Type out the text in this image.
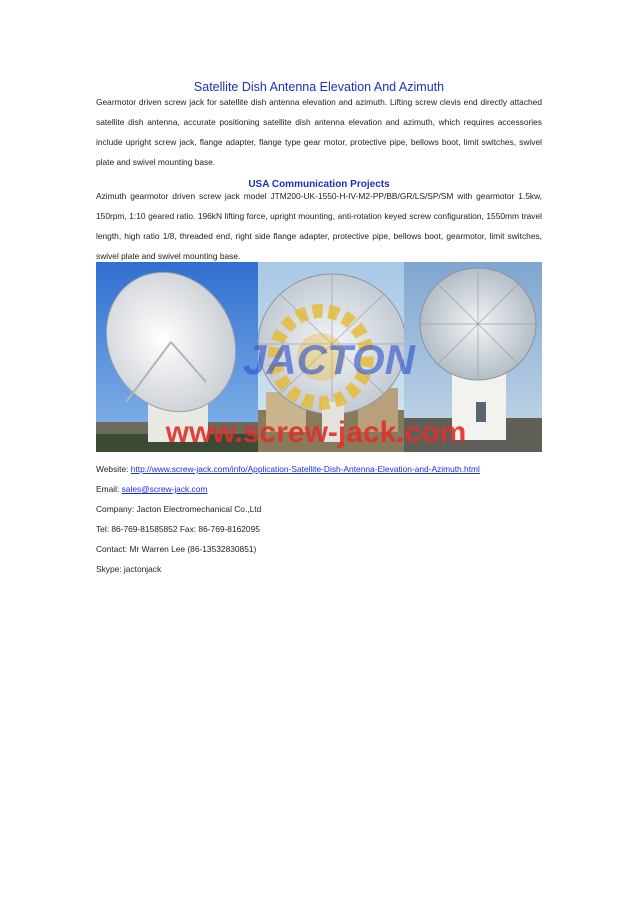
Satellite Dish Antenna Elevation And Azimuth

Gearmotor driven screw jack for satellite dish antenna elevation and azimuth. Lifting screw clevis end directly attached satellite dish antenna, accurate positioning satellite dish antenna elevation and azimuth, which requires accessories include upright screw jack, flange adapter, flange type gear motor, protective pipe, bellows boot, limit switches, swivel plate and swivel mounting base.

USA Communication Projects

Azimuth gearmotor driven screw jack model JTM200-UK-1550-H-IV-M2-PP/BB/GR/LS/SP/SM with gearmotor 1.5kw, 150rpm, 1:10 geared ratio. 196kN lifting force, upright mounting, anti-rotation keyed screw configuration, 1550mm travel length, high ratio 1/8, threaded end, right side flange adapter, protective pipe, bellows boot, gearmotor, limit switches, swivel plate and swivel mounting base.

JACTON
www.screw-jack.com
Website: http://www.screw-jack.com/info/Application-Satellite-Dish-Antenna-Elevation-and-Azimuth.html
Email: sales@screw-jack.com
Company: Jacton Electromechanical Co.,Ltd
Tel: 86-769-81585852 Fax: 86-769-8162095
Contact: Mr Warren Lee (86-13532830851)
Skype: jactonjack
